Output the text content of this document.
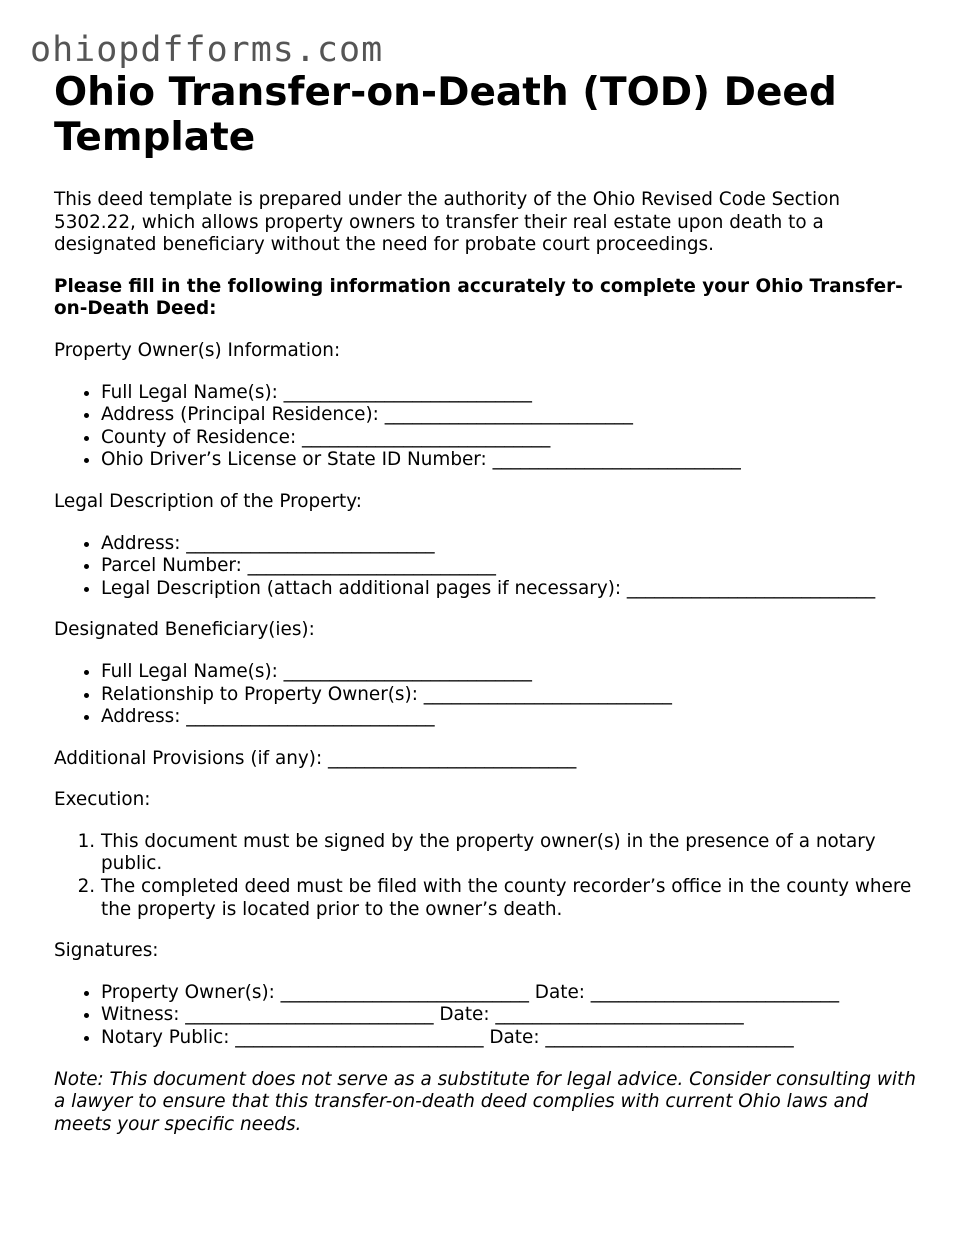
ohiopdfforms.com
Ohio Transfer-on-Death (TOD) Deed Template

This deed template is prepared under the authority of the Ohio Revised Code Section 5302.22, which allows property owners to transfer their real estate upon death to a designated beneficiary without the need for probate court proceedings.

Please fill in the following information accurately to complete your Ohio Transfer-on-Death Deed:

Property Owner(s) Information:

• Full Legal Name(s): ___________________________
• Address (Principal Residence): ___________________________
• County of Residence: ___________________________
• Ohio Driver’s License or State ID Number: ___________________________

Legal Description of the Property:

• Address: ___________________________
• Parcel Number: ___________________________
• Legal Description (attach additional pages if necessary): ___________________________

Designated Beneficiary(ies):

• Full Legal Name(s): ___________________________
• Relationship to Property Owner(s): ___________________________
• Address: ___________________________

Additional Provisions (if any): ___________________________

Execution:

1. This document must be signed by the property owner(s) in the presence of a notary public.
2. The completed deed must be filed with the county recorder’s office in the county where the property is located prior to the owner’s death.

Signatures:

• Property Owner(s): ___________________________ Date: ___________________________
• Witness: ___________________________ Date: ___________________________
• Notary Public: ___________________________ Date: ___________________________

Note: This document does not serve as a substitute for legal advice. Consider consulting with a lawyer to ensure that this transfer-on-death deed complies with current Ohio laws and meets your specific needs.
